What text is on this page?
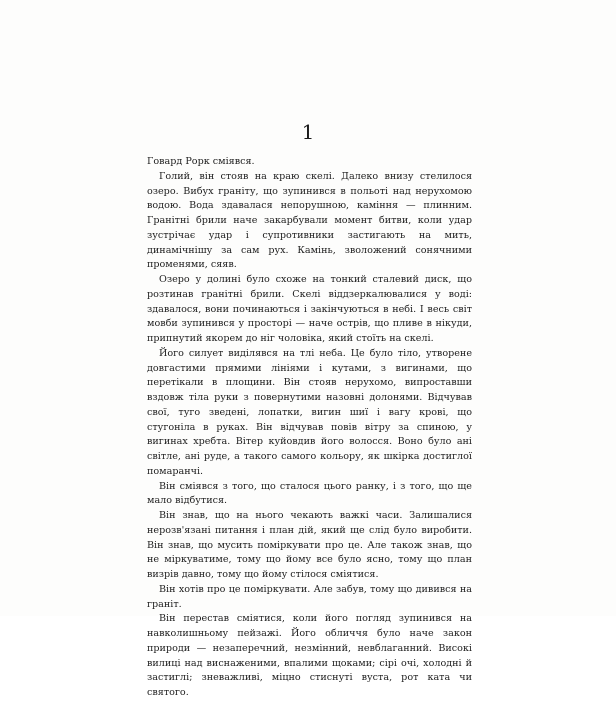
1

Говард Рорк сміявся.

Голий, він стояв на краю скелі. Далеко внизу стелилося озеро. Вибух граніту, що зупинився в польоті над нерухомою водою. Вода здавалася непорушною, каміння — плинним. Гранітні брили наче закарбували момент битви, коли удар зустрічає удар і супротивники застигають на мить, динамічнішу за сам рух. Камінь, зволожений сонячними променями, сяяв.

Озеро у долині було схоже на тонкий сталевий диск, що розтинав гранітні брили. Скелі віддзеркалювалися у воді: здавалося, вони починаються і закінчуються в небі. І весь світ мовби зупинився у просторі — наче острів, що пливе в нікуди, припнутий якорем до ніг чоловіка, який стоїть на скелі.

Його силует виділявся на тлі неба. Це було тіло, утворене довгастими прямими лініями і кутами, з вигинами, що перетікали в площини. Він стояв нерухомо, випроставши вздовж тіла руки з повернутими назовні долонями. Відчував свої, туго зведені, лопатки, вигин шиї і вагу крові, що стугоніла в руках. Він відчував повів вітру за спиною, у вигинах хребта. Вітер куйовдив його волосся. Воно було ані світле, ані руде, а такого самого кольору, як шкірка достиглої помаранчі.

Він сміявся з того, що сталося цього ранку, і з того, що ще мало відбутися.

Він знав, що на нього чекають важкі часи. Залишалися нерозв'язані питання і план дій, який ще слід було виробити. Він знав, що мусить поміркувати про це. Але також знав, що не міркуватиме, тому що йому все було ясно, тому що план визрів давно, тому що йому стілося сміятися.

Він хотів про це поміркувати. Але забув, тому що дивився на граніт.

Він перестав сміятися, коли його погляд зупинився на навколишньому пейзажі. Його обличчя було наче закон природи — незаперечний, незмінний, невблаганний. Високі вилиці над виснаженими, впалими щоками; сірі очі, холодні й застиглі; зневажливі, міцно стиснуті вуста, рот ката чи святого.
